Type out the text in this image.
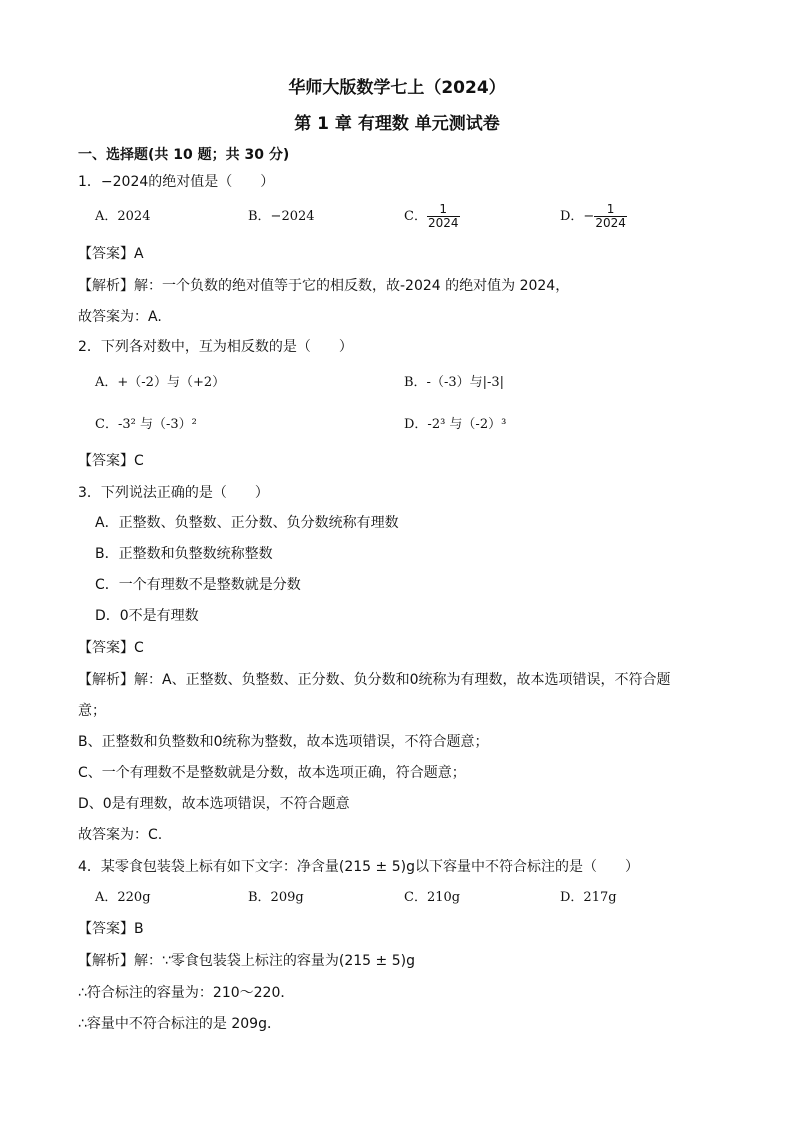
华师大版数学七上（2024）
第 1 章 有理数 单元测试卷
一、选择题(共 10 题；共 30 分)
1．−2024的绝对值是（　　）
A．2024	B．−2024	C． $\frac{1}{2024}$	D．− $\frac{1}{2024}$
【答案】A
【解析】解：一个负数的绝对值等于它的相反数，故-2024 的绝对值为 2024，
故答案为：A.
2．下列各对数中，互为相反数的是（　　）
A．+（-2）与（+2）	B．-（-3）与|-3|
C．-3² 与（-3）²	D．-2³ 与（-2）³
【答案】C
3．下列说法正确的是（　　）
A．正整数、负整数、正分数、负分数统称有理数
B．正整数和负整数统称整数
C．一个有理数不是整数就是分数
D．0不是有理数
【答案】C
【解析】解：A、正整数、负整数、正分数、负分数和0统称为有理数，故本选项错误，不符合题
意；
B、正整数和负整数和0统称为整数，故本选项错误，不符合题意；
C、一个有理数不是整数就是分数，故本选项正确，符合题意；
D、0是有理数，故本选项错误，不符合题意
故答案为：C.
4．某零食包装袋上标有如下文字：净含量(215 ± 5)g以下容量中不符合标注的是（　　）
A．220g	B．209g	C．210g	D．217g
【答案】B
【解析】解：∵零食包装袋上标注的容量为(215 ± 5)g
∴符合标注的容量为：210～220．
∴容量中不符合标注的是 209g．
